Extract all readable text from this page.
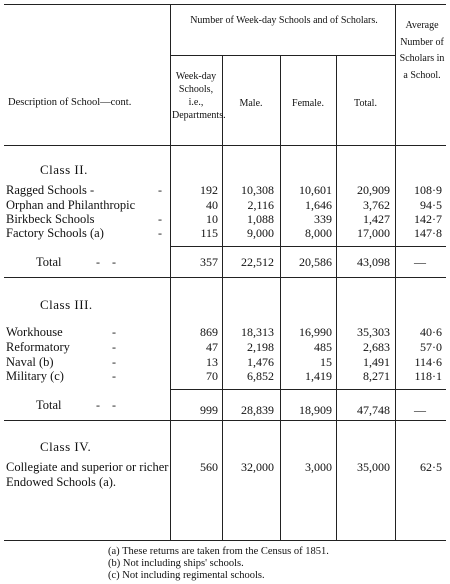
Description of School—cont.
Number of Week-day Schools and of Scholars.
Week-day Schools, i.e., Departments.
Male.	Female.	Total.
Average Number of Scholars in a School.
Class II.
Ragged Schools -	-	192	10,308	10,601	20,909	108·9
Orphan and Philanthropic	40	2,116	1,646	3,762	94·5
Birkbeck Schools	-	10	1,088	339	1,427	142·7
Factory Schools (a)	-	115	9,000	8,000	17,000	147·8
Total	-    -	357	22,512	20,586	43,098	—
Class III.
Workhouse	-	869	18,313	16,990	35,303	40·6
Reformatory	-	47	2,198	485	2,683	57·0
Naval (b)	-	13	1,476	15	1,491	114·6
Military (c)	-	70	6,852	1,419	8,271	118·1
Total	-    -	999	28,839	18,909	47,748	—
Class IV.
Collegiate and superior or richer Endowed Schools (a).
560	32,000	3,000	35,000	62·5
(a) These returns are taken from the Census of 1851.
(b) Not including ships' schools.
(c) Not including regimental schools.
